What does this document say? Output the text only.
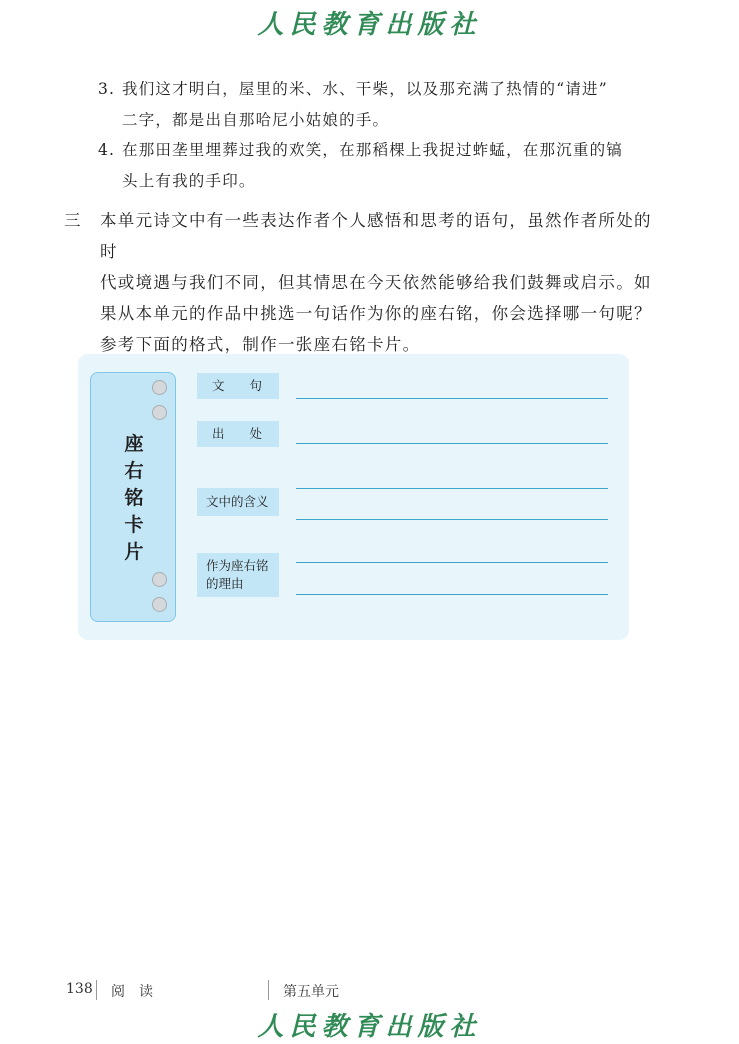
人民教育出版社
3. 我们这才明白，屋里的米、水、干柴，以及那充满了热情的“请进”
二字，都是出自那哈尼小姑娘的手。
4. 在那田垄里埋葬过我的欢笑，在那稻棵上我捉过蚱蜢，在那沉重的镐
头上有我的手印。
三 本单元诗文中有一些表达作者个人感悟和思考的语句，虽然作者所处的时
代或境遇与我们不同，但其情思在今天依然能够给我们鼓舞或启示。如
果从本单元的作品中挑选一句话作为你的座右铭，你会选择哪一句呢？
参考下面的格式，制作一张座右铭卡片。
座
右
铭
卡
片
文　　句
出　　处
文中的含义
作为座右铭
的理由
138 阅　读	第五单元
人民教育出版社
